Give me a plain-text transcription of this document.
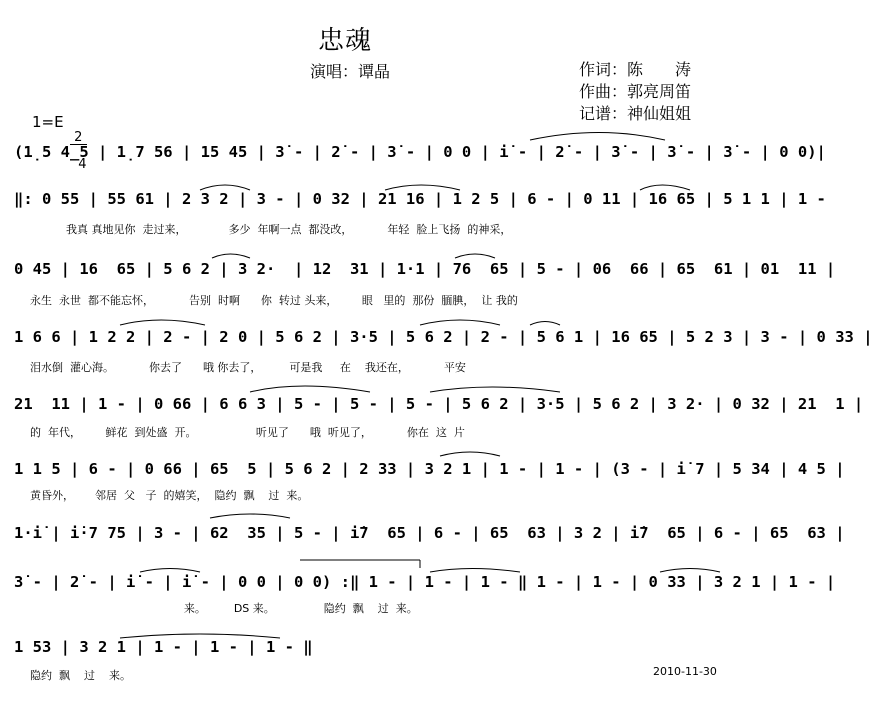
忠魂
演唱：谭晶	作词：陈　　涛
作曲：郭亮周笛
记谱：神仙姐姐
1=E

2

4

(1̣5 4̲5 | 1̣7 56 | 15 45 | 3̇ - | 2̇ - | 3̇ - | 0 0 | i̇ - | 2̇ - | 3̇ - | 3̇ - | 3̇ - | 0 0)|
‖: 0 55 | 55 61 | 2 3 2 | 3 - | 0 32 | 21 16 | 1 2 5 | 6 - | 0 11 | 16 65 | 5 1 1 | 1 -
我真 真地见你  走过来，            多少  年啊一点  都没改，          年轻  脸上飞扬  的神采，
0 45 | 16  65 | 5 6 2 | 3 2·  | 12  31 | 1·1 | 76  65 | 5 - | 06  66 | 65  61 | 01  11 |
永生  永世  都不能忘怀，          告别  时啊      你  转过 头来，       眼   里的  那份  腼腆，  让 我的
1 6 6 | 1 2 2 | 2 - | 2 0 | 5 6 2 | 3·5 | 5 6 2 | 2 - | 5 6 1 | 16 65 | 5 2 3 | 3 - | 0 33 |
泪水倒  灌心海。          你去了      哦 你去了，        可是我     在    我还在，          平安
21  11 | 1 - | 0 66 | 6 6 3 | 5 - | 5 - | 5 - | 5 6 2 | 3·5 | 5 6 2 | 3 2· | 0 32 | 21  1 |
的  年代，       鲜花  到处盛  开。                 听见了      哦  听见了，          你在  这  片
1 1 5 | 6 - | 0 66 | 65  5 | 5 6 2 | 2 33 | 3 2 1 | 1 - | 1 - | (3 - | i̇ 7 | 5 34 | 4 5 |
黄昏外，      邻居  父   子  的嬉笑，  隐约  飘    过  来。
1·i̇ | i̇·7 75 | 3 - | 62  35 | 5 - | i̇7  65 | 6 - | 65  63 | 3 2 | i̇7  65 | 6 - | 65  63 |
3̇ - | 2̇ - | i̇ - | i̇ - | 0 0 | 0 0) :‖ 1 - | 1 - | 1 - ‖ 1 - | 1 - | 0 33 | 3 2 1 | 1 - |
来。        DS 来。              隐约  飘    过  来。
1 53 | 3 2 1 | 1 - | 1 - | 1 - ‖
隐约  飘    过    来。	2010-11-30
